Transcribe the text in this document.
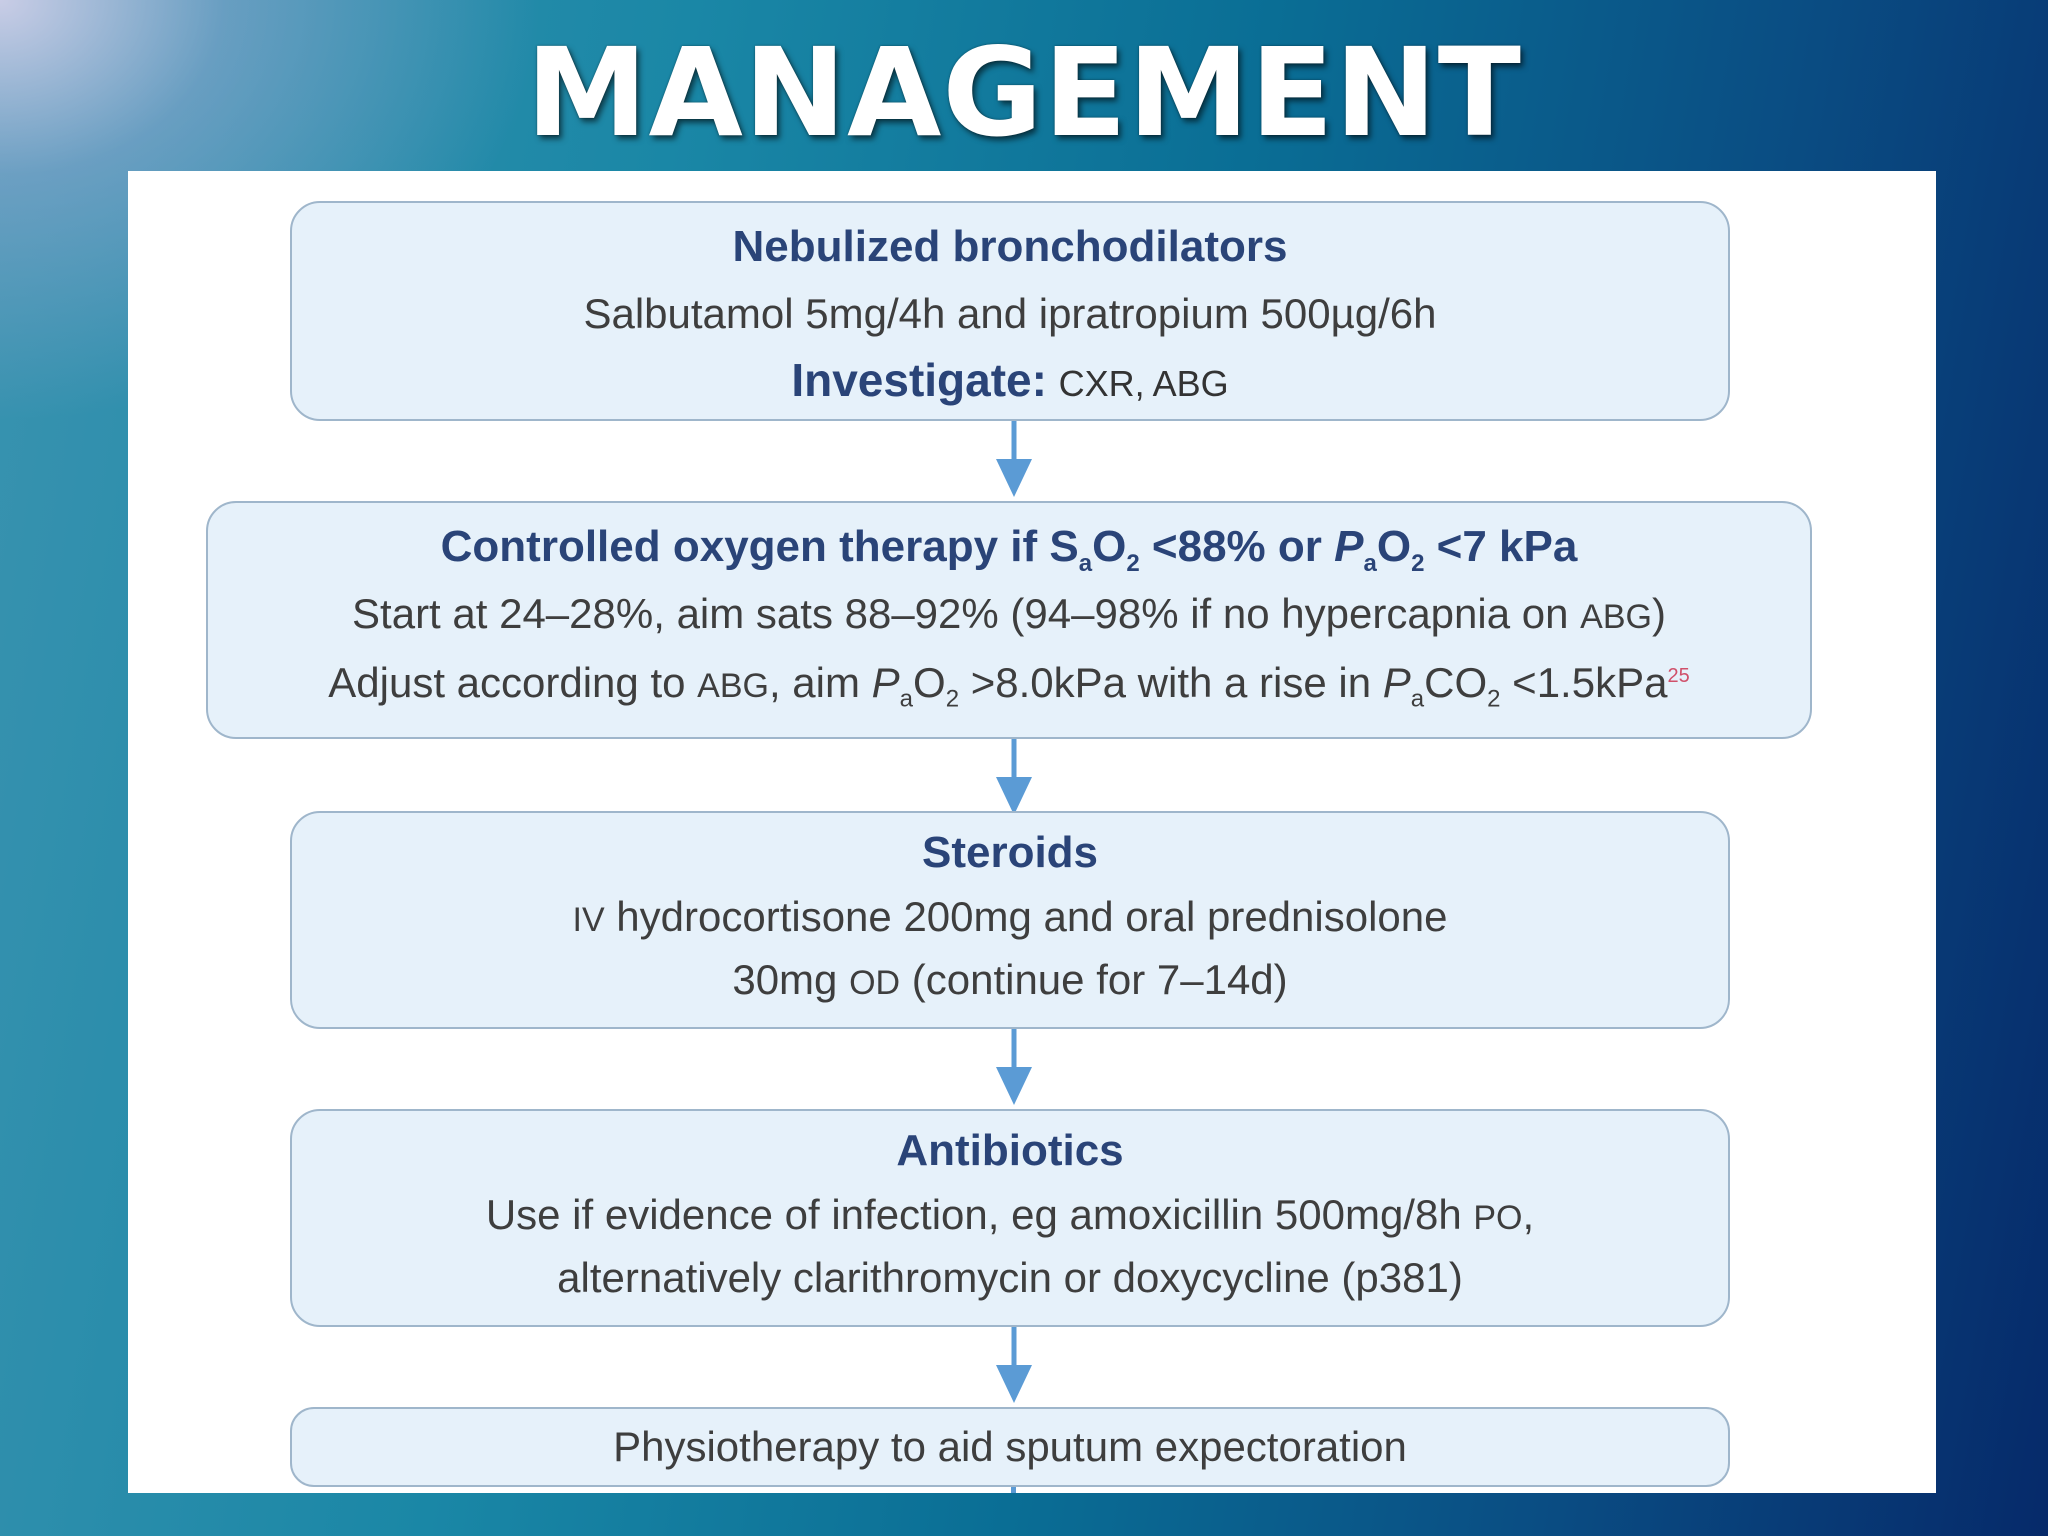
MANAGEMENT
Nebulized bronchodilators
Salbutamol 5mg/4h and ipratropium 500µg/6h
Investigate: CXR, ABG
Controlled oxygen therapy if $S_aO_2 <88\%$ or $P_aO_2 <7$ kPa
Start at 24–28%, aim sats 88–92% (94–98% if no hypercapnia on ABG)
Adjust according to ABG, aim $P_aO_2 >8.0kPa$ with a rise in $P_aCO_2 <1.5kPa^{25}$
Steroids
IV hydrocortisone 200mg and oral prednisolone
30mg OD (continue for 7–14d)
Antibiotics
Use if evidence of infection, eg amoxicillin 500mg/8h PO,
alternatively clarithromycin or doxycycline (p381)
Physiotherapy to aid sputum expectoration
